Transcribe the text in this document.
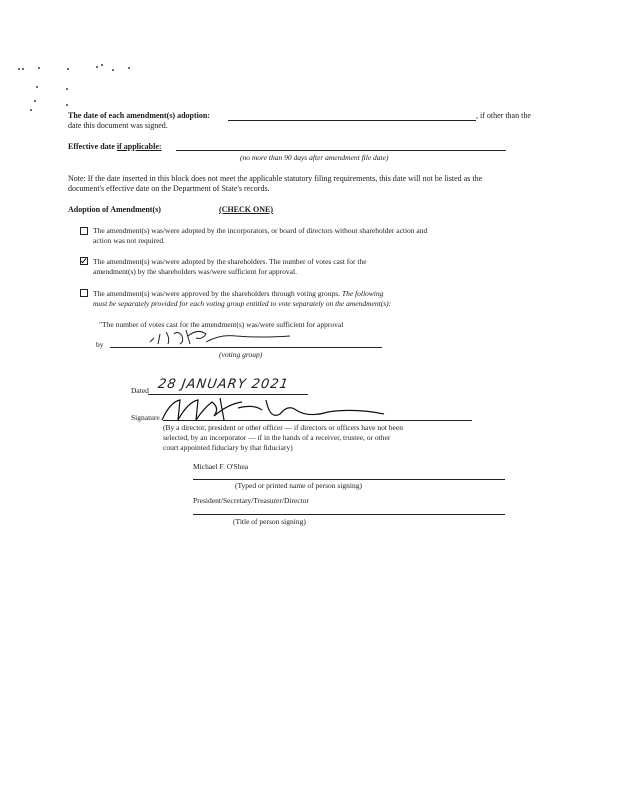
The date of each amendment(s) adoption:	, if other than the
date this document was signed.
Effective date if applicable:
(no more than 90 days after amendment file date)
Note: If the date inserted in this block does not meet the applicable statutory filing requirements, this date will not be listed as the
document's effective date on the Department of State's records.
Adoption of Amendment(s)	(CHECK ONE)
The amendment(s) was/were adopted by the incorporators, or board of directors without shareholder action and
action was not required.
The amendment(s) was/were adopted by the shareholders. The number of votes cast for the
amendment(s) by the shareholders was/were sufficient for approval.
The amendment(s) was/were approved by the shareholders through voting groups. The following
must be separately provided for each voting group entitled to vote separately on the amendment(s):
"The number of votes cast for the amendment(s) was/were sufficient for approval
by
(voting group)
Dated 28 JANUARY 2021
Signature
(By a director, president or other officer — if directors or officers have not been
selected, by an incorporator — if in the hands of a receiver, trustee, or other
court appointed fiduciary by that fiduciary)
Michael F. O'Shea
(Typed or printed name of person signing)
President/Secretary/Treasurer/Director
(Title of person signing)
